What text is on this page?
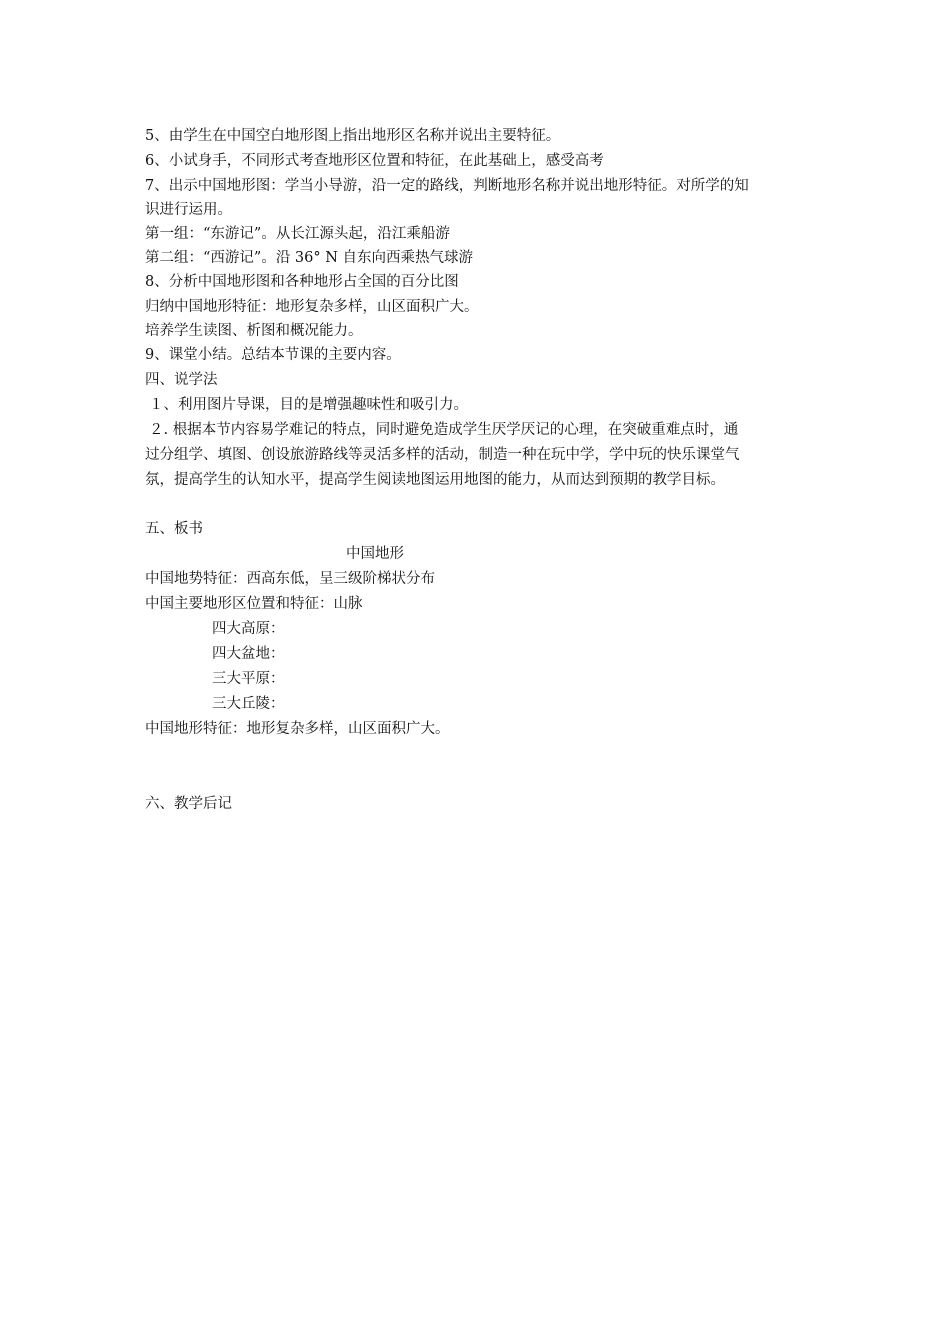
5、由学生在中国空白地形图上指出地形区名称并说出主要特征。
6、小试身手，不同形式考查地形区位置和特征，在此基础上，感受高考
7、出示中国地形图：学当小导游，沿一定的路线，判断地形名称并说出地形特征。对所学的知
识进行运用。
第一组：“东游记”。从长江源头起，沿江乘船游
第二组：“西游记”。沿 36° N 自东向西乘热气球游
8、分析中国地形图和各种地形占全国的百分比图
归纳中国地形特征：地形复杂多样，山区面积广大。
培养学生读图、析图和概况能力。
9、课堂小结。总结本节课的主要内容。
四、说学法
１、利用图片导课，目的是增强趣味性和吸引力。
２. 根据本节内容易学难记的特点，同时避免造成学生厌学厌记的心理，在突破重难点时，通
过分组学、填图、创设旅游路线等灵活多样的活动，制造一种在玩中学，学中玩的快乐课堂气
氛，提高学生的认知水平，提高学生阅读地图运用地图的能力，从而达到预期的教学目标。
五、板书
中国地形
中国地势特征：西高东低，呈三级阶梯状分布
中国主要地形区位置和特征：山脉
四大高原：
四大盆地：
三大平原：
三大丘陵：
中国地形特征：地形复杂多样，山区面积广大。
六、教学后记
